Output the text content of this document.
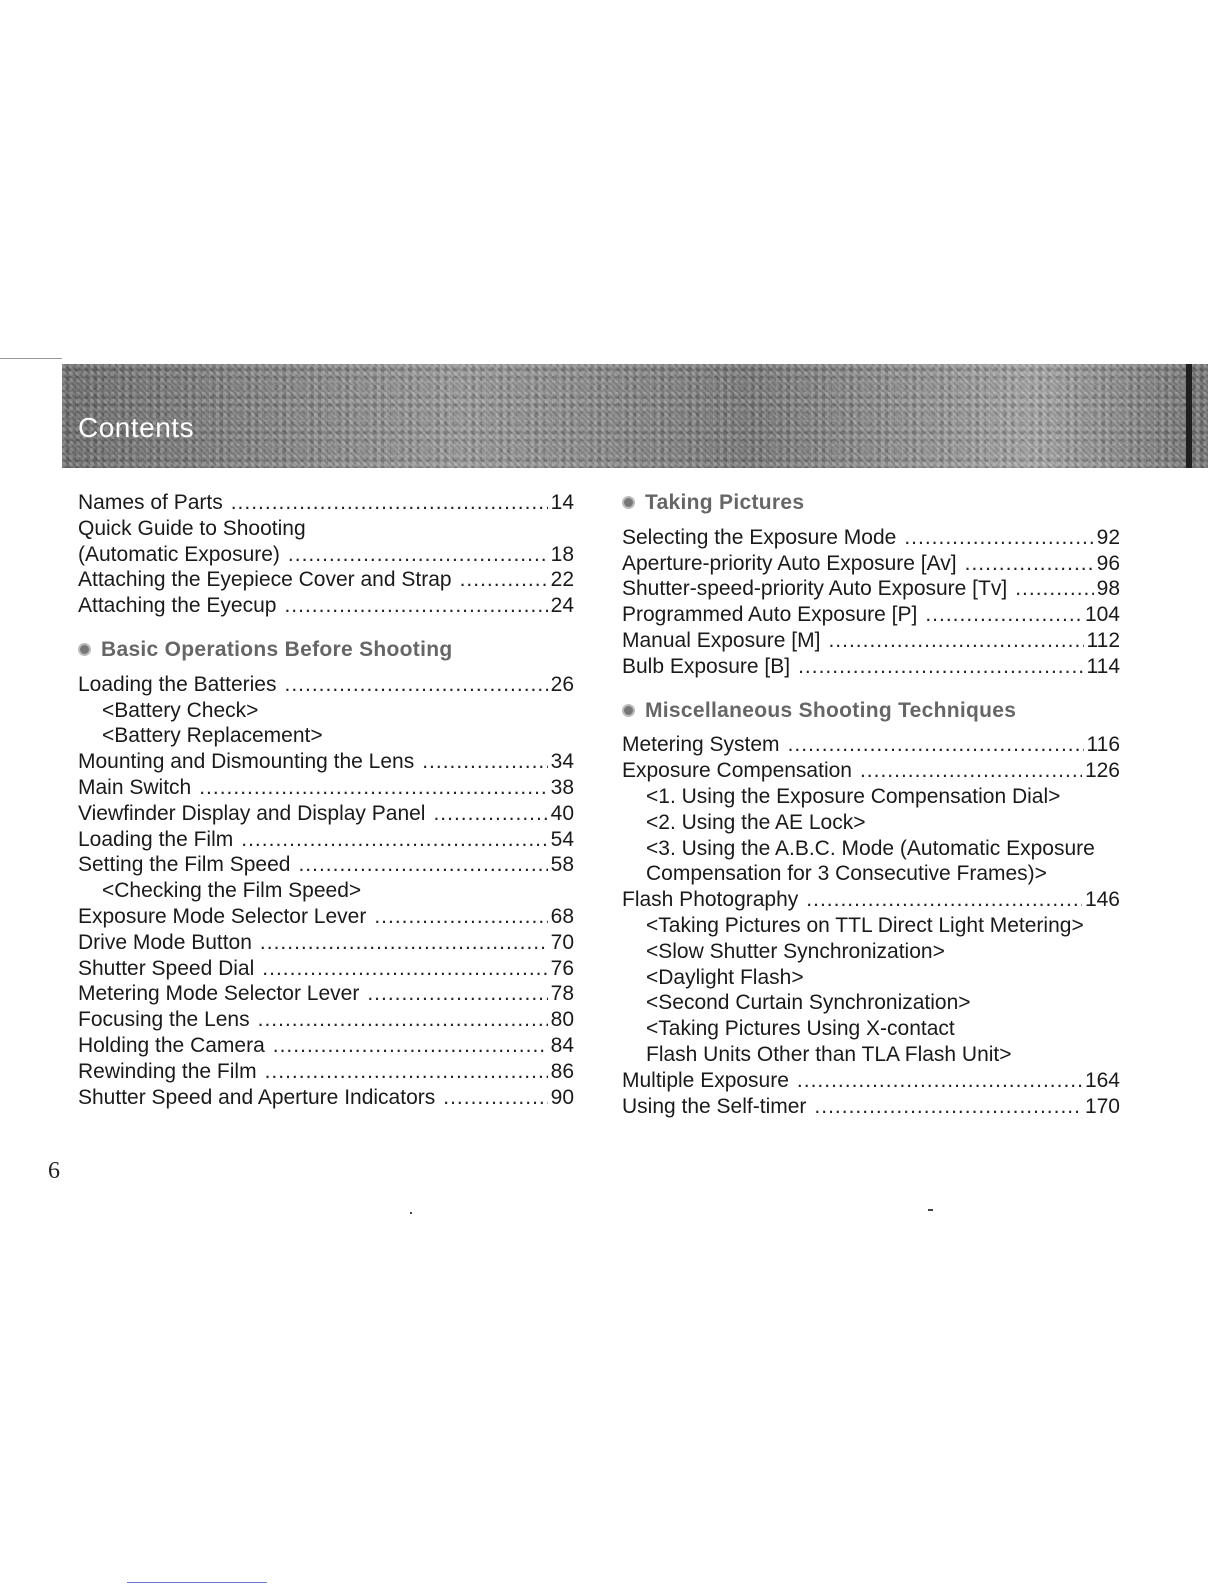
Contents
Names of Parts .....	14
Quick Guide to Shooting
(Automatic Exposure) .....	18
Attaching the Eyepiece Cover and Strap .....	22
Attaching the Eyecup .....	24
Basic Operations Before Shooting
Loading the Batteries .....	26
<Battery Check>
<Battery Replacement>
Mounting and Dismounting the Lens .....	34
Main Switch .....	38
Viewfinder Display and Display Panel .....	40
Loading the Film .....	54
Setting the Film Speed .....	58
<Checking the Film Speed>
Exposure Mode Selector Lever .....	68
Drive Mode Button .....	70
Shutter Speed Dial .....	76
Metering Mode Selector Lever .....	78
Focusing the Lens .....	80
Holding the Camera .....	84
Rewinding the Film .....	86
Shutter Speed and Aperture Indicators .....	90
Taking Pictures
Selecting the Exposure Mode .....	92
Aperture-priority Auto Exposure [Av] .....	96
Shutter-speed-priority Auto Exposure [Tv] .....	98
Programmed Auto Exposure [P] .....	104
Manual Exposure [M] .....	112
Bulb Exposure [B] .....	114
Miscellaneous Shooting Techniques
Metering System .....	116
Exposure Compensation .....	126
<1. Using the Exposure Compensation Dial>
<2. Using the AE Lock>
<3. Using the A.B.C. Mode (Automatic Exposure
Compensation for 3 Consecutive Frames)>
Flash Photography .....	146
<Taking Pictures on TTL Direct Light Metering>
<Slow Shutter Synchronization>
<Daylight Flash>
<Second Curtain Synchronization>
<Taking Pictures Using X-contact
Flash Units Other than TLA Flash Unit>
Multiple Exposure .....	164
Using the Self-timer .....	170
6
